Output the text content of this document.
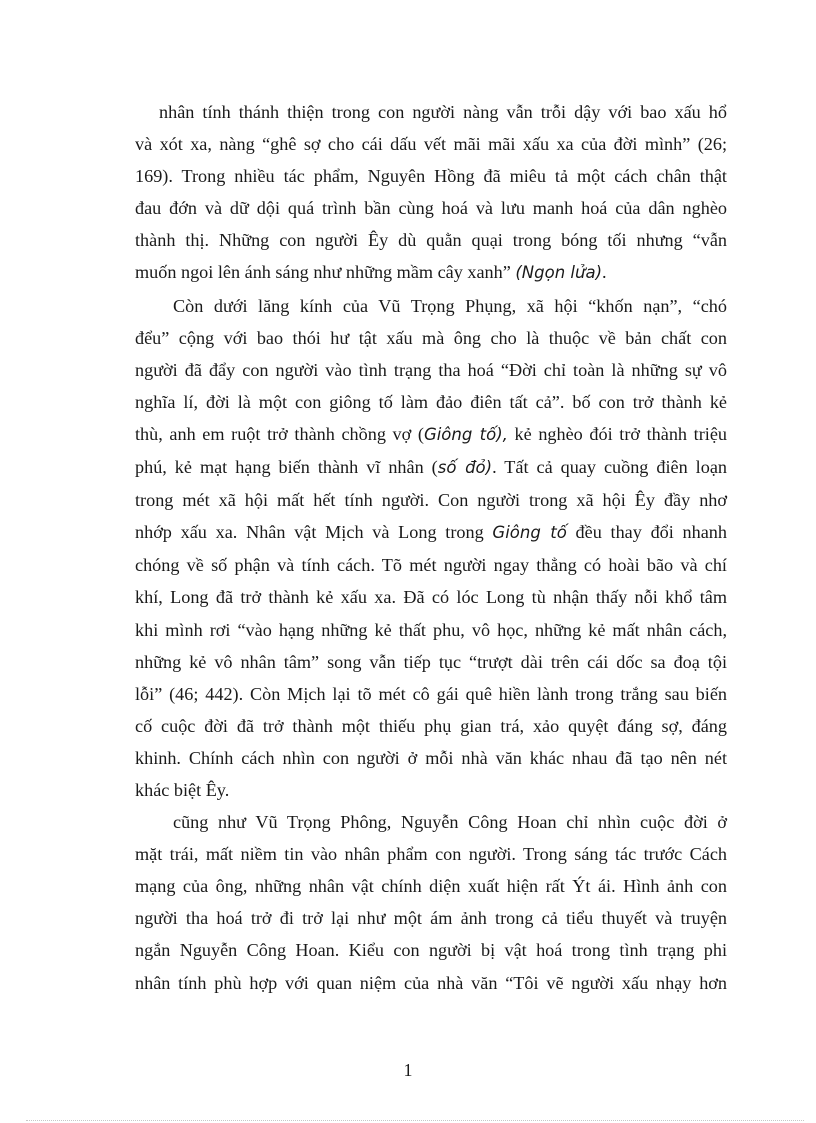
nhân tính thánh thiện trong con người nàng vẫn trỗi dậy với bao xấu hổ
và xót xa, nàng “ghê sợ cho cái dấu vết mãi mãi xấu xa của đời mình” (26;
169). Trong nhiều tác phẩm, Nguyên Hồng đã miêu tả một cách chân thật
đau đớn và dữ dội quá trình bần cùng hoá và lưu manh hoá của dân nghèo
thành thị. Những con người Êy dù quằn quại trong bóng tối nhưng “vẫn
muốn ngoi lên ánh sáng như những mầm cây xanh” (Ngọn lửa).

Còn dưới lăng kính của Vũ Trọng Phụng, xã hội “khốn nạn”, “chó
đểu” cộng với bao thói hư tật xấu mà ông cho là thuộc về bản chất con
người đã đẩy con người vào tình trạng tha hoá “Đời chỉ toàn là những sự vô
nghĩa lí, đời là một con giông tố làm đảo điên tất cả”. bố con trở thành kẻ
thù, anh em ruột trở thành chồng vợ (Giông tố), kẻ nghèo đói trở thành triệu
phú, kẻ mạt hạng biến thành vĩ nhân (số đỏ). Tất cả quay cuồng điên loạn
trong mét xã hội mất hết tính người. Con người trong xã hội Êy đầy nhơ
nhớp xấu xa. Nhân vật Mịch và Long trong Giông tố đều thay đổi nhanh
chóng về số phận và tính cách. Tõ mét người ngay thẳng có hoài bão và chí
khí, Long đã trở thành kẻ xấu xa. Đã có lóc Long tù nhận thấy nỗi khổ tâm
khi mình rơi “vào hạng những kẻ thất phu, vô học, những kẻ mất nhân cách,
những kẻ vô nhân tâm” song vẫn tiếp tục “trượt dài trên cái dốc sa đoạ tội
lỗi” (46; 442). Còn Mịch lại tõ mét cô gái quê hiền lành trong trắng sau biến
cố cuộc đời đã trở thành một thiếu phụ gian trá, xảo quyệt đáng sợ, đáng
khinh. Chính cách nhìn con người ở mỗi nhà văn khác nhau đã tạo nên nét
khác biệt Êy.

cũng như Vũ Trọng Phông, Nguyễn Công Hoan chỉ nhìn cuộc đời ở
mặt trái, mất niềm tin vào nhân phẩm con người. Trong sáng tác trước Cách
mạng của ông, những nhân vật chính diện xuất hiện rất Ýt ái. Hình ảnh con
người tha hoá trở đi trở lại như một ám ảnh trong cả tiểu thuyết và truyện
ngắn Nguyễn Công Hoan. Kiểu con người bị vật hoá trong tình trạng phi
nhân tính phù hợp với quan niệm của nhà văn “Tôi vẽ người xấu nhạy hơn

1
